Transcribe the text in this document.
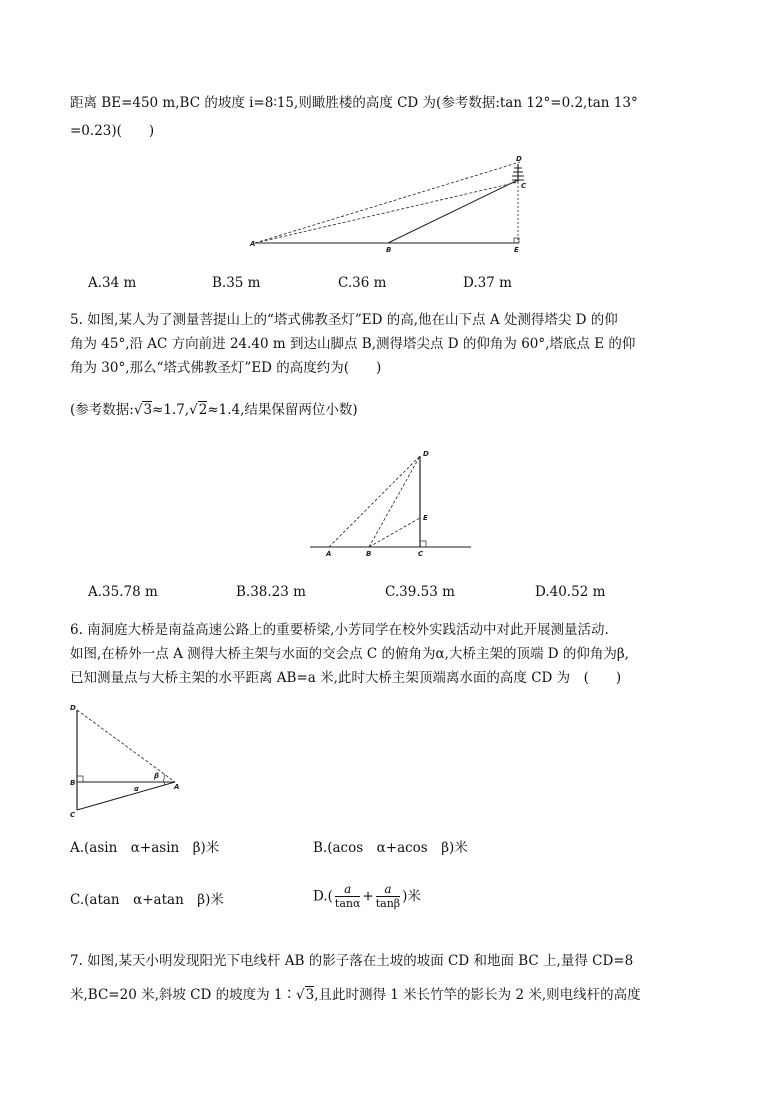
距离 BE=450 m,BC 的坡度 i=8∶15,则瞰胜楼的高度 CD 为(参考数据:tan 12°=0.2,tan 13°
=0.23)(　　)
A
B
C
D
E
A.34 m	B.35 m	C.36 m	D.37 m
5. 如图,某人为了测量菩提山上的“塔式佛教圣灯”ED 的高,他在山下点 A 处测得塔尖 D 的仰
角为 45°,沿 AC 方向前进 24.40 m 到达山脚点 B,测得塔尖点 D 的仰角为 60°,塔底点 E 的仰
角为 30°,那么“塔式佛教圣灯”ED 的高度约为(　　)
(参考数据:√3≈1.7,√2≈1.4,结果保留两位小数)
A	B	C
D
E
A.35.78 m	B.38.23 m	C.39.53 m	D.40.52 m
6. 南洞庭大桥是南益高速公路上的重要桥梁,小芳同学在校外实践活动中对此开展测量活动.
如图,在桥外一点 A 测得大桥主架与水面的交会点 C 的俯角为α,大桥主架的顶端 D 的仰角为β,
已知测量点与大桥主架的水平距离 AB=a 米,此时大桥主架顶端离水面的高度 CD 为　(　　)
D
B
C
A
β
α
A.(asin　α+asin　β)米	B.(acos　α+acos　β)米
C.(atan　α+atan　β)米	$D.( \frac{a}{\tan\alpha} + \frac{a}{\tan\beta}$ )米
7. 如图,某天小明发现阳光下电线杆 AB 的影子落在土坡的坡面 CD 和地面 BC 上,量得 CD=8
米,BC=20 米,斜坡 CD 的坡度为 1∶√3,且此时测得 1 米长竹竿的影长为 2 米,则电线杆的高度
